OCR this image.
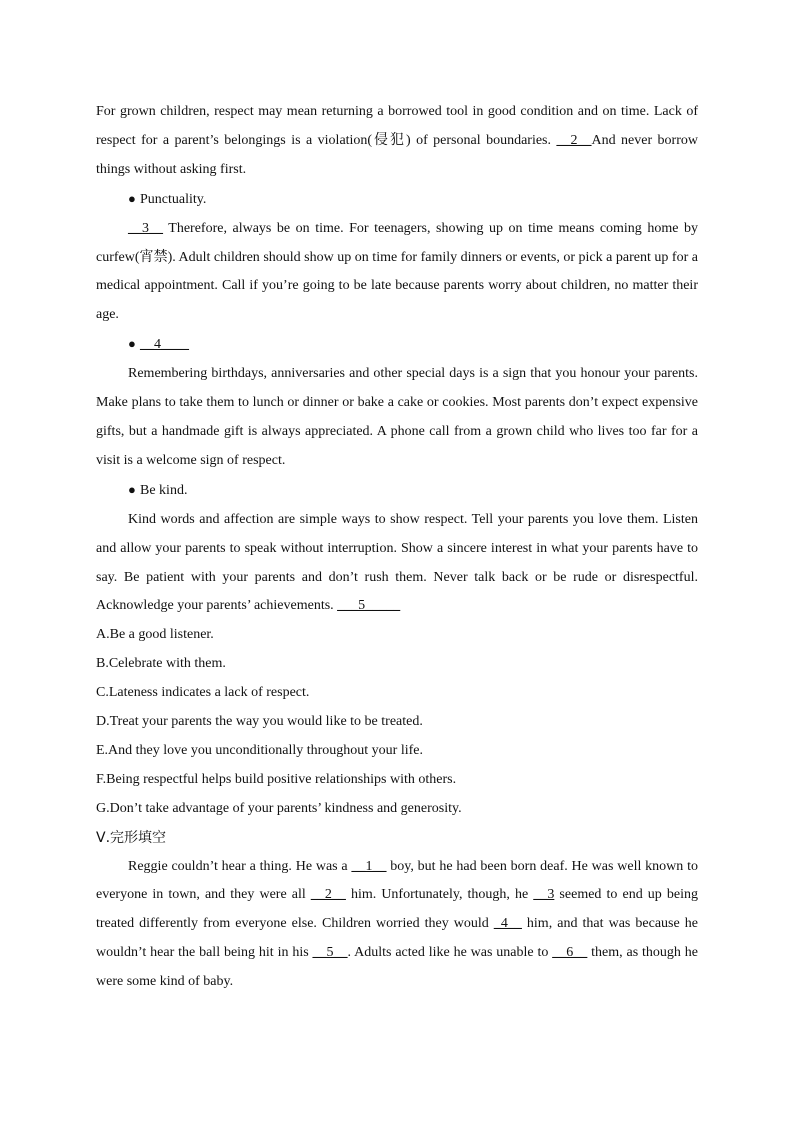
For grown children, respect may mean returning a borrowed tool in good condition and on time. Lack of respect for a parent’s belongings is a violation(侵犯) of personal boundaries. __2__And never borrow things without asking first.

● Punctuality.

__3__ Therefore, always be on time. For teenagers, showing up on time means coming home by curfew(宵禁). Adult children should show up on time for family dinners or events, or pick a parent up for a medical appointment. Call if you’re going to be late because parents worry about children, no matter their age.

● __4____

Remembering birthdays, anniversaries and other special days is a sign that you honour your parents. Make plans to take them to lunch or dinner or bake a cake or cookies. Most parents don’t expect expensive gifts, but a handmade gift is always appreciated. A phone call from a grown child who lives too far for a visit is a welcome sign of respect.

● Be kind.

Kind words and affection are simple ways to show respect. Tell your parents you love them. Listen and allow your parents to speak without interruption. Show a sincere interest in what your parents have to say. Be patient with your parents and don’t rush them. Never talk back or be rude or disrespectful. Acknowledge your parents’ achievements. ___5_____

A.Be a good listener.

B.Celebrate with them.

C.Lateness indicates a lack of respect.

D.Treat your parents the way you would like to be treated.

E.And they love you unconditionally throughout your life.

F.Being respectful helps build positive relationships with others.

G.Don’t take advantage of your parents’ kindness and generosity.

Ⅴ.完形填空

Reggie couldn’t hear a thing. He was a __1__ boy, but he had been born deaf. He was well known to everyone in town, and they were all __2__ him. Unfortunately, though, he __3 seemed to end up being treated differently from everyone else. Children worried they would _4__ him, and that was because he wouldn’t hear the ball being hit in his __5__. Adults acted like he was unable to __6__ them, as though he were some kind of baby.
